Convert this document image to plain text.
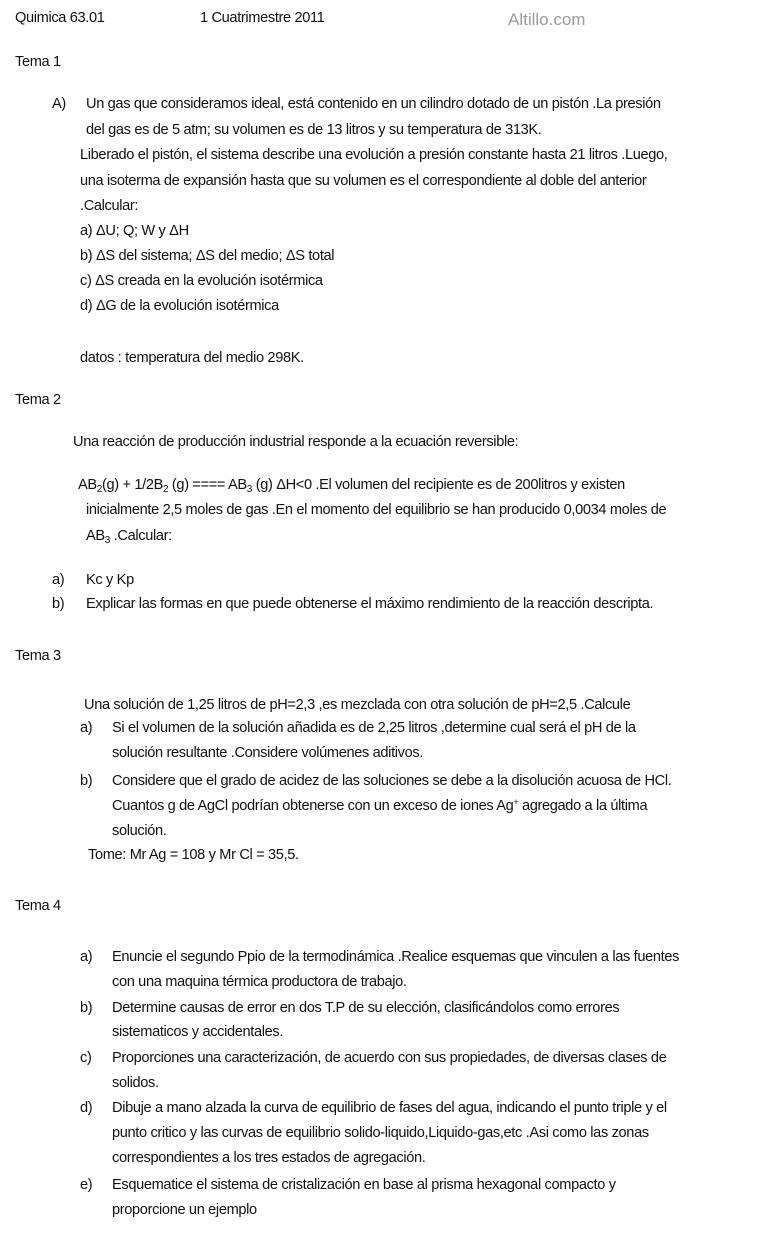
Quimica 63.01	1 Cuatrimestre 2011	Altillo.com
Tema 1
A) Un gas que consideramos ideal, está contenido en un cilindro dotado de un pistón .La presión
del gas es de 5 atm; su volumen es de 13 litros y su temperatura de 313K.
Liberado el pistón, el sistema describe una evolución a presión constante hasta 21 litros .Luego,
una isoterma de expansión hasta que su volumen es el correspondiente al doble del anterior
.Calcular:
a) ΔU; Q; W y ΔH
b) ΔS del sistema; ΔS del medio; ΔS total
c) ΔS creada en la evolución isotérmica
d) ΔG de la evolución isotérmica
datos : temperatura del medio 298K.
Tema 2
Una reacción de producción industrial responde a la ecuación reversible:
$AB_2(g) + 1/2B_2$ (g) ==== $AB_3$ (g) ΔH<0 .El volumen del recipiente es de 200litros y existen
inicialmente 2,5 moles de gas .En el momento del equilibrio se han producido 0,0034 moles de
$AB_3$ .Calcular:
a) Kc y Kp
b) Explicar las formas en que puede obtenerse el máximo rendimiento de la reacción descripta.
Tema 3
Una solución de 1,25 litros de pH=2,3 ,es mezclada con otra solución de pH=2,5 .Calcule
a) Si el volumen de la solución añadida es de 2,25 litros ,determine cual será el pH de la
solución resultante .Considere volúmenes aditivos.
b) Considere que el grado de acidez de las soluciones se debe a la disolución acuosa de HCl.
Cuantos g de AgCl podrían obtenerse con un exceso de iones Ag+ agregado a la última
solución.
Tome: Mr Ag = 108 y Mr Cl = 35,5.
Tema 4
a) Enuncie el segundo Ppio de la termodinámica .Realice esquemas que vinculen a las fuentes
con una maquina térmica productora de trabajo.
b) Determine causas de error en dos T.P de su elección, clasificándolos como errores
sistematicos y accidentales.
c) Proporciones una caracterización, de acuerdo con sus propiedades, de diversas clases de
solidos.
d) Dibuje a mano alzada la curva de equilibrio de fases del agua, indicando el punto triple y el
punto critico y las curvas de equilibrio solido-liquido,Liquido-gas,etc .Asi como las zonas
correspondientes a los tres estados de agregación.
e) Esquematice el sistema de cristalización en base al prisma hexagonal compacto y
proporcione un ejemplo
